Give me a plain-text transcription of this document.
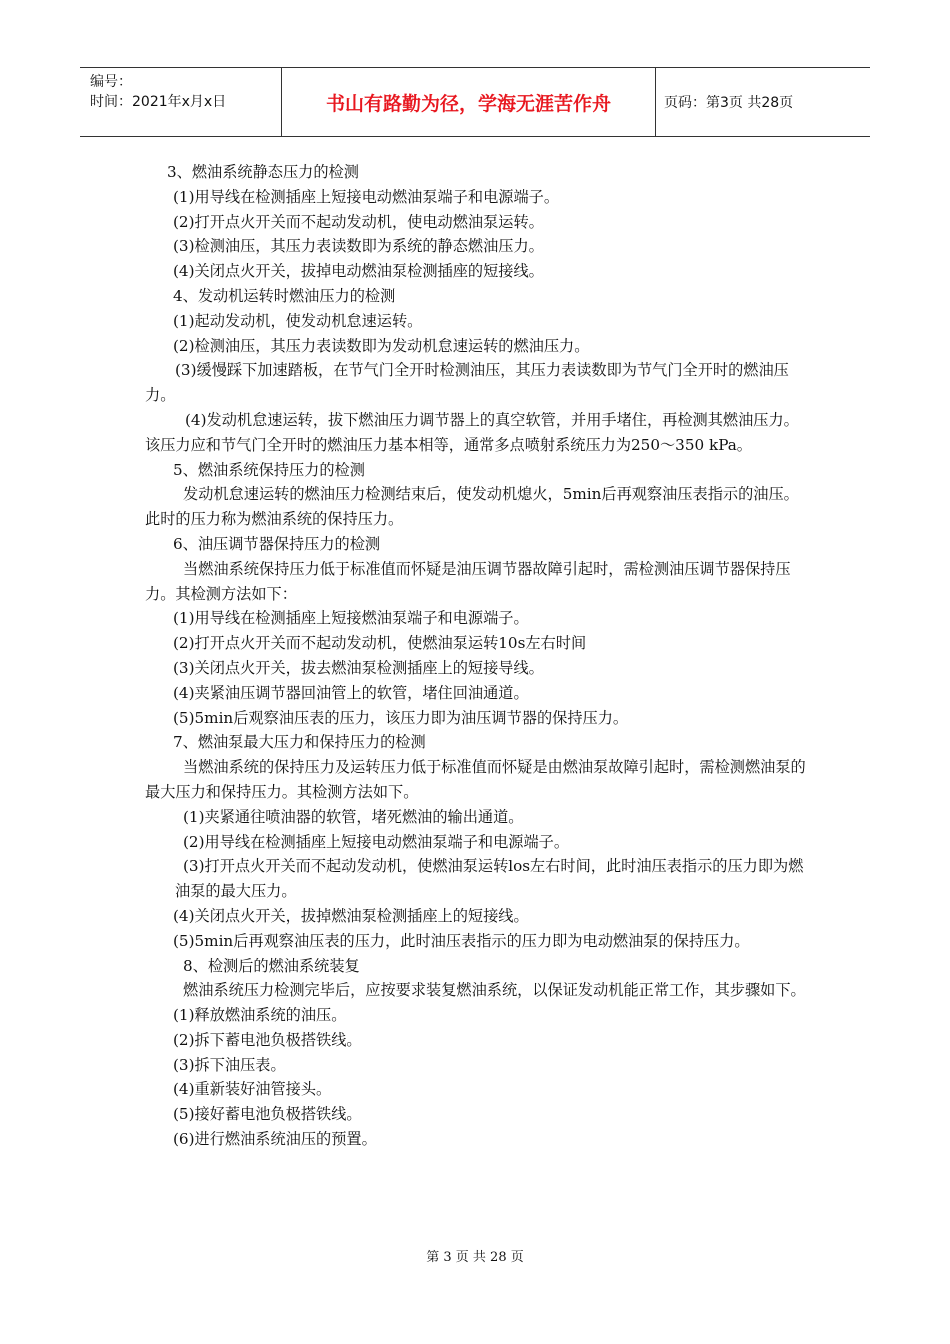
编号：
时间：2021年x月x日	书山有路勤为径，学海无涯苦作舟	页码：第3页 共28页

3、燃油系统静态压力的检测

(1)用导线在检测插座上短接电动燃油泵端子和电源端子。

(2)打开点火开关而不起动发动机，使电动燃油泵运转。

(3)检测油压，其压力表读数即为系统的静态燃油压力。

(4)关闭点火开关，拔掉电动燃油泵检测插座的短接线。

4、发动机运转时燃油压力的检测

(1)起动发动机，使发动机怠速运转。

(2)检测油压，其压力表读数即为发动机怠速运转的燃油压力。

(3)缓慢踩下加速踏板，在节气门全开时检测油压，其压力表读数即为节气门全开时的燃油压力。

(4)发动机怠速运转，拔下燃油压力调节器上的真空软管，并用手堵住，再检测其燃油压力。该压力应和节气门全开时的燃油压力基本相等，通常多点喷射系统压力为250～350 kPa。

5、燃油系统保持压力的检测

发动机怠速运转的燃油压力检测结束后，使发动机熄火，5min后再观察油压表指示的油压。此时的压力称为燃油系统的保持压力。

6、油压调节器保持压力的检测

当燃油系统保持压力低于标准值而怀疑是油压调节器故障引起时，需检测油压调节器保持压力。其检测方法如下：

(1)用导线在检测插座上短接燃油泵端子和电源端子。

(2)打开点火开关而不起动发动机，使燃油泵运转10s左右时间

(3)关闭点火开关，拔去燃油泵检测插座上的短接导线。

(4)夹紧油压调节器回油管上的软管，堵住回油通道。

(5)5min后观察油压表的压力，该压力即为油压调节器的保持压力。

7、燃油泵最大压力和保持压力的检测

当燃油系统的保持压力及运转压力低于标准值而怀疑是由燃油泵故障引起时，需检测燃油泵的最大压力和保持压力。其检测方法如下。

(1)夹紧通往喷油器的软管，堵死燃油的输出通道。

(2)用导线在检测插座上短接电动燃油泵端子和电源端子。

(3)打开点火开关而不起动发动机，使燃油泵运转los左右时间，此时油压表指示的压力即为燃油泵的最大压力。

(4)关闭点火开关，拔掉燃油泵检测插座上的短接线。

(5)5min后再观察油压表的压力，此时油压表指示的压力即为电动燃油泵的保持压力。

8、检测后的燃油系统装复

燃油系统压力检测完毕后，应按要求装复燃油系统，以保证发动机能正常工作，其步骤如下。

(1)释放燃油系统的油压。

(2)拆下蓄电池负极搭铁线。

(3)拆下油压表。

(4)重新装好油管接头。

(5)接好蓄电池负极搭铁线。

(6)进行燃油系统油压的预置。

第 3 页 共 28 页
